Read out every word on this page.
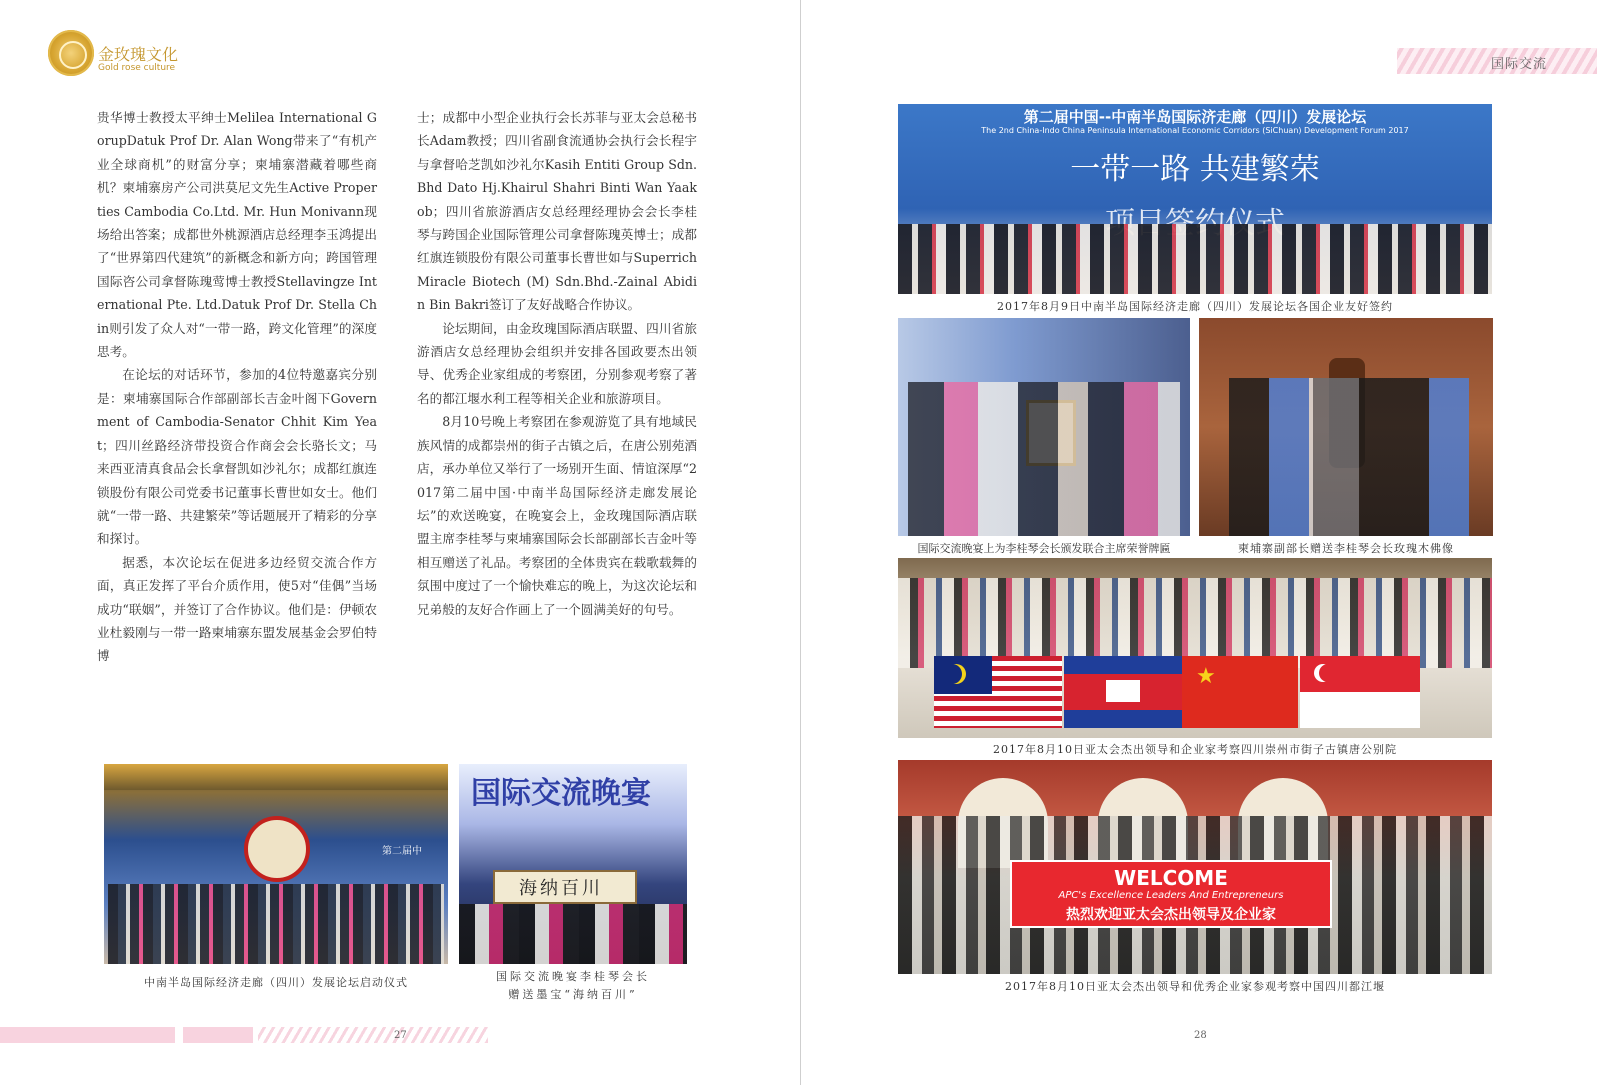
金玫瑰文化
Gold rose culture

贵华博士教授太平绅士Melilea International GorupDatuk Prof Dr. Alan Wong带来了“有机产业全球商机”的财富分享；柬埔寨潜藏着哪些商机？柬埔寨房产公司洪莫尼文先生Active Properties Cambodia Co.Ltd. Mr. Hun Monivann现场给出答案；成都世外桃源酒店总经理李玉鸿提出了“世界第四代建筑”的新概念和新方向；跨国管理国际咨公司拿督陈瑰莺博士教授Stellavingze International Pte. Ltd.Datuk Prof Dr. Stella Chin则引发了众人对“一带一路，跨文化管理”的深度思考。

在论坛的对话环节，参加的4位特邀嘉宾分别是：柬埔寨国际合作部副部长吉金叶阁下Government of Cambodia-Senator Chhit Kim Yeat；四川丝路经济带投资合作商会会长骆长文；马来西亚清真食品会长拿督凯如沙礼尔；成都红旗连锁股份有限公司党委书记董事长曹世如女士。他们就“一带一路、共建繁荣”等话题展开了精彩的分享和探讨。

据悉，本次论坛在促进多边经贸交流合作方面，真正发挥了平台介质作用，使5对“佳偶”当场成功“联姻”，并签订了合作协议。他们是：伊顿农业杜毅刚与一带一路柬埔寨东盟发展基金会罗伯特博

士；成都中小型企业执行会长苏菲与亚太会总秘书长Adam教授；四川省副食流通协会执行会长程宇与拿督哈芝凯如沙礼尔Kasih Entiti Group Sdn.Bhd Dato Hj.Khairul Shahri Binti Wan Yaakob；四川省旅游酒店女总经理经理协会会长李桂琴与跨国企业国际管理公司拿督陈瑰英博士；成都红旗连锁股份有限公司董事长曹世如与Superrich Miracle Biotech (M) Sdn.Bhd.-Zainal Abidin Bin Bakri签订了友好战略合作协议。

论坛期间，由金玫瑰国际酒店联盟、四川省旅游酒店女总经理协会组织并安排各国政要杰出领导、优秀企业家组成的考察团，分别参观考察了著名的都江堰水利工程等相关企业和旅游项目。

8月10号晚上考察团在参观游览了具有地域民族风情的成都崇州的街子古镇之后，在唐公别苑酒店，承办单位又举行了一场别开生面、情谊深厚“2017第二届中国·中南半岛国际经济走廊发展论坛”的欢送晚宴，在晚宴会上，金玫瑰国际酒店联盟主席李桂琴与柬埔寨国际会长部副部长吉金叶等相互赠送了礼品。考察团的全体贵宾在载歌载舞的氛围中度过了一个愉快难忘的晚上，为这次论坛和兄弟般的友好合作画上了一个圆满美好的句号。

第二届中
中南半岛国际经济走廊（四川）发展论坛启动仪式
国际交流晚宴
海纳百川
国际交流晚宴李桂琴会长
赠送墨宝“海纳百川”
27
国际交流
第二届中国--中南半岛国际济走廊（四川）发展论坛
The 2nd China-Indo China Peninsula International Economic Corridors (SiChuan) Development Forum 2017
一带一路 共建繁荣
2017年8月9日中南半岛国际经济走廊（四川）发展论坛各国企业友好签约
国际交流晚宴上为李桂琴会长颁发联合主席荣誉牌匾	柬埔寨副部长赠送李桂琴会长玫瑰木佛像
★
2017年8月10日亚太会杰出领导和企业家考察四川崇州市街子古镇唐公别院
WELCOME
APC's Excellence Leaders And Entrepreneurs
热烈欢迎亚太会杰出领导及企业家
2017年8月10日亚太会杰出领导和优秀企业家参观考察中国四川都江堰
28
